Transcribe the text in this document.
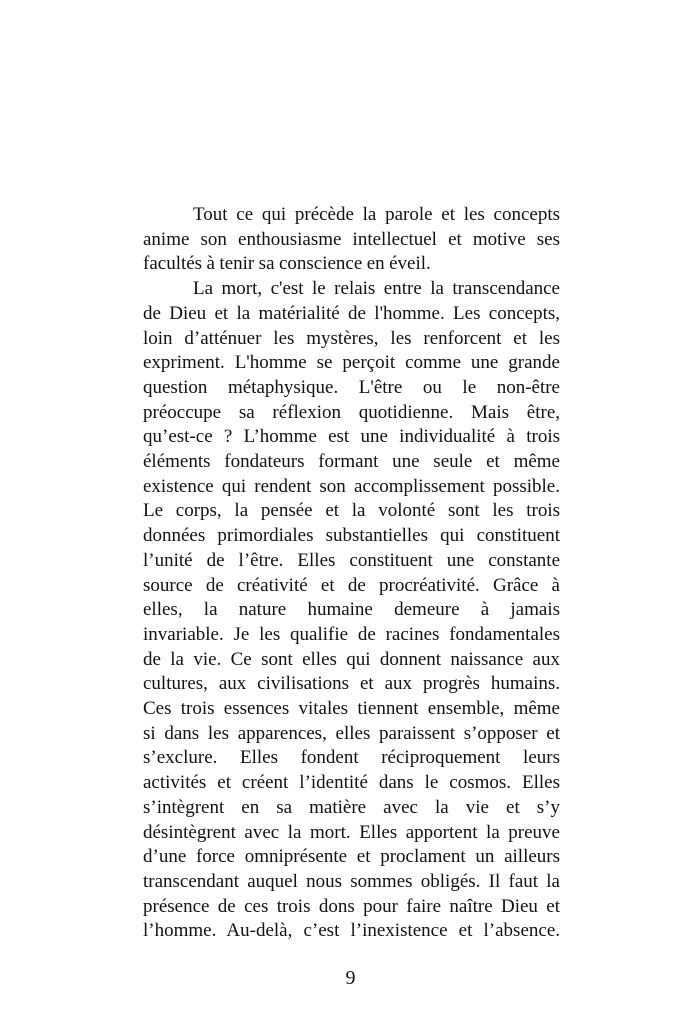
Tout ce qui précède la parole et les concepts
anime son enthousiasme intellectuel et motive ses
facultés à tenir sa conscience en éveil.
La mort, c'est le relais entre la transcendance
de Dieu et la matérialité de l'homme. Les concepts,
loin d’atténuer les mystères, les renforcent et les
expriment. L'homme se perçoit comme une grande
question métaphysique. L'être ou le non-être
préoccupe sa réflexion quotidienne. Mais être,
qu’est-ce ? L’homme est une individualité à trois
éléments fondateurs formant une seule et même
existence qui rendent son accomplissement possible.
Le corps, la pensée et la volonté sont les trois
données primordiales substantielles qui constituent
l’unité de l’être. Elles constituent une constante
source de créativité et de procréativité. Grâce à
elles, la nature humaine demeure à jamais
invariable. Je les qualifie de racines fondamentales
de la vie. Ce sont elles qui donnent naissance aux
cultures, aux civilisations et aux progrès humains.
Ces trois essences vitales tiennent ensemble, même
si dans les apparences, elles paraissent s’opposer et
s’exclure. Elles fondent réciproquement leurs
activités et créent l’identité dans le cosmos. Elles
s’intègrent en sa matière avec la vie et s’y
désintègrent avec la mort. Elles apportent la preuve
d’une force omniprésente et proclament un ailleurs
transcendant auquel nous sommes obligés. Il faut la
présence de ces trois dons pour faire naître Dieu et
l’homme. Au-delà, c’est l’inexistence et l’absence.
9
